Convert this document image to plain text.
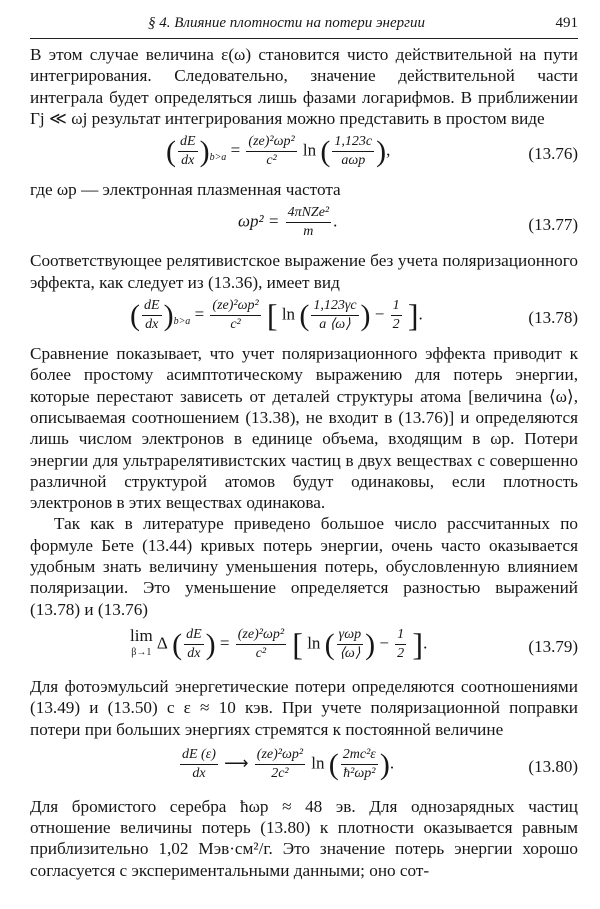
§ 4. Влияние плотности на потери энергии	491

В этом случае величина ε(ω) становится чисто действительной на пути интегрирования. Следовательно, значение действительной части интеграла будет определяться лишь фазами логарифмов. В приближении Γj ≪ ωj результат интегрирования можно представить в простом виде

( $\frac{dE}{dx} )_{b>a} = \frac{\text{(ze)²ωp²}}{\text{c²}}$ ln ( $\frac{1,123c}{\text{aωp}}$ ),	(13.76)

где ωp — электронная плазменная частота

$\omega p^2 = \frac{\text{4πNZe²}}{m}$ .	(13.77)

Соответствующее релятивистское выражение без учета поляризационного эффекта, как следует из (13.36), имеет вид

( $\frac{dE}{dx} )_{b>a} = \frac{\text{(ze)²ωp²}}{\text{c²}}$ [ ln ( $\frac{1,123\gamma c}{a ⟨\omega⟩}$ ) − $\frac{1}{2}$ ].	(13.78)

Сравнение показывает, что учет поляризационного эффекта приводит к более простому асимптотическому выражению для потерь энергии, которые перестают зависеть от деталей структуры атома [величина ⟨ω⟩, описываемая соотношением (13.38), не входит в (13.76)] и определяются лишь числом электронов в единице объема, входящим в ωp. Потери энергии для ультрарелятивистских частиц в двух веществах с совершенно различной структурой атомов будут одинаковы, если плотность электронов в этих веществах одинакова.

Так как в литературе приведено большое число рассчитанных по формуле Бете (13.44) кривых потерь энергии, очень часто оказывается удобным знать величину уменьшения потерь, обусловленную влиянием поляризации. Это уменьшение определяется разностью выражений (13.78) и (13.76)

lim
β→1 Δ ( $\frac{dE}{dx}$ ) = $\frac{\text{(ze)²ωp²}}{\text{c²}}$ [ ln ( $\frac{\text{γωp}}{⟨\omega⟩}$ ) − $\frac{1}{2}$ ].	(13.79)

Для фотоэмульсий энергетические потери определяются соотношениями (13.49) и (13.50) с ε ≈ 10 кэв. При учете поляризационной поправки потери при больших энергиях стремятся к постоянной величине

$\frac{dE (\varepsilon)}{dx}$ ⟶ $\frac{\text{(ze)²ωp²}}{\text{2c²}}$ ln ( $\frac{\text{2mc²ε}}{\text{ħ²ωp²}}$ ).	(13.80)

Для бромистого серебра ħωp ≈ 48 эв. Для однозарядных частиц отношение величины потерь (13.80) к плотности оказывается равным приблизительно 1,02 Мэв·см²/г. Это значение потерь энергии хорошо согласуется с экспериментальными данными; оно сот-
